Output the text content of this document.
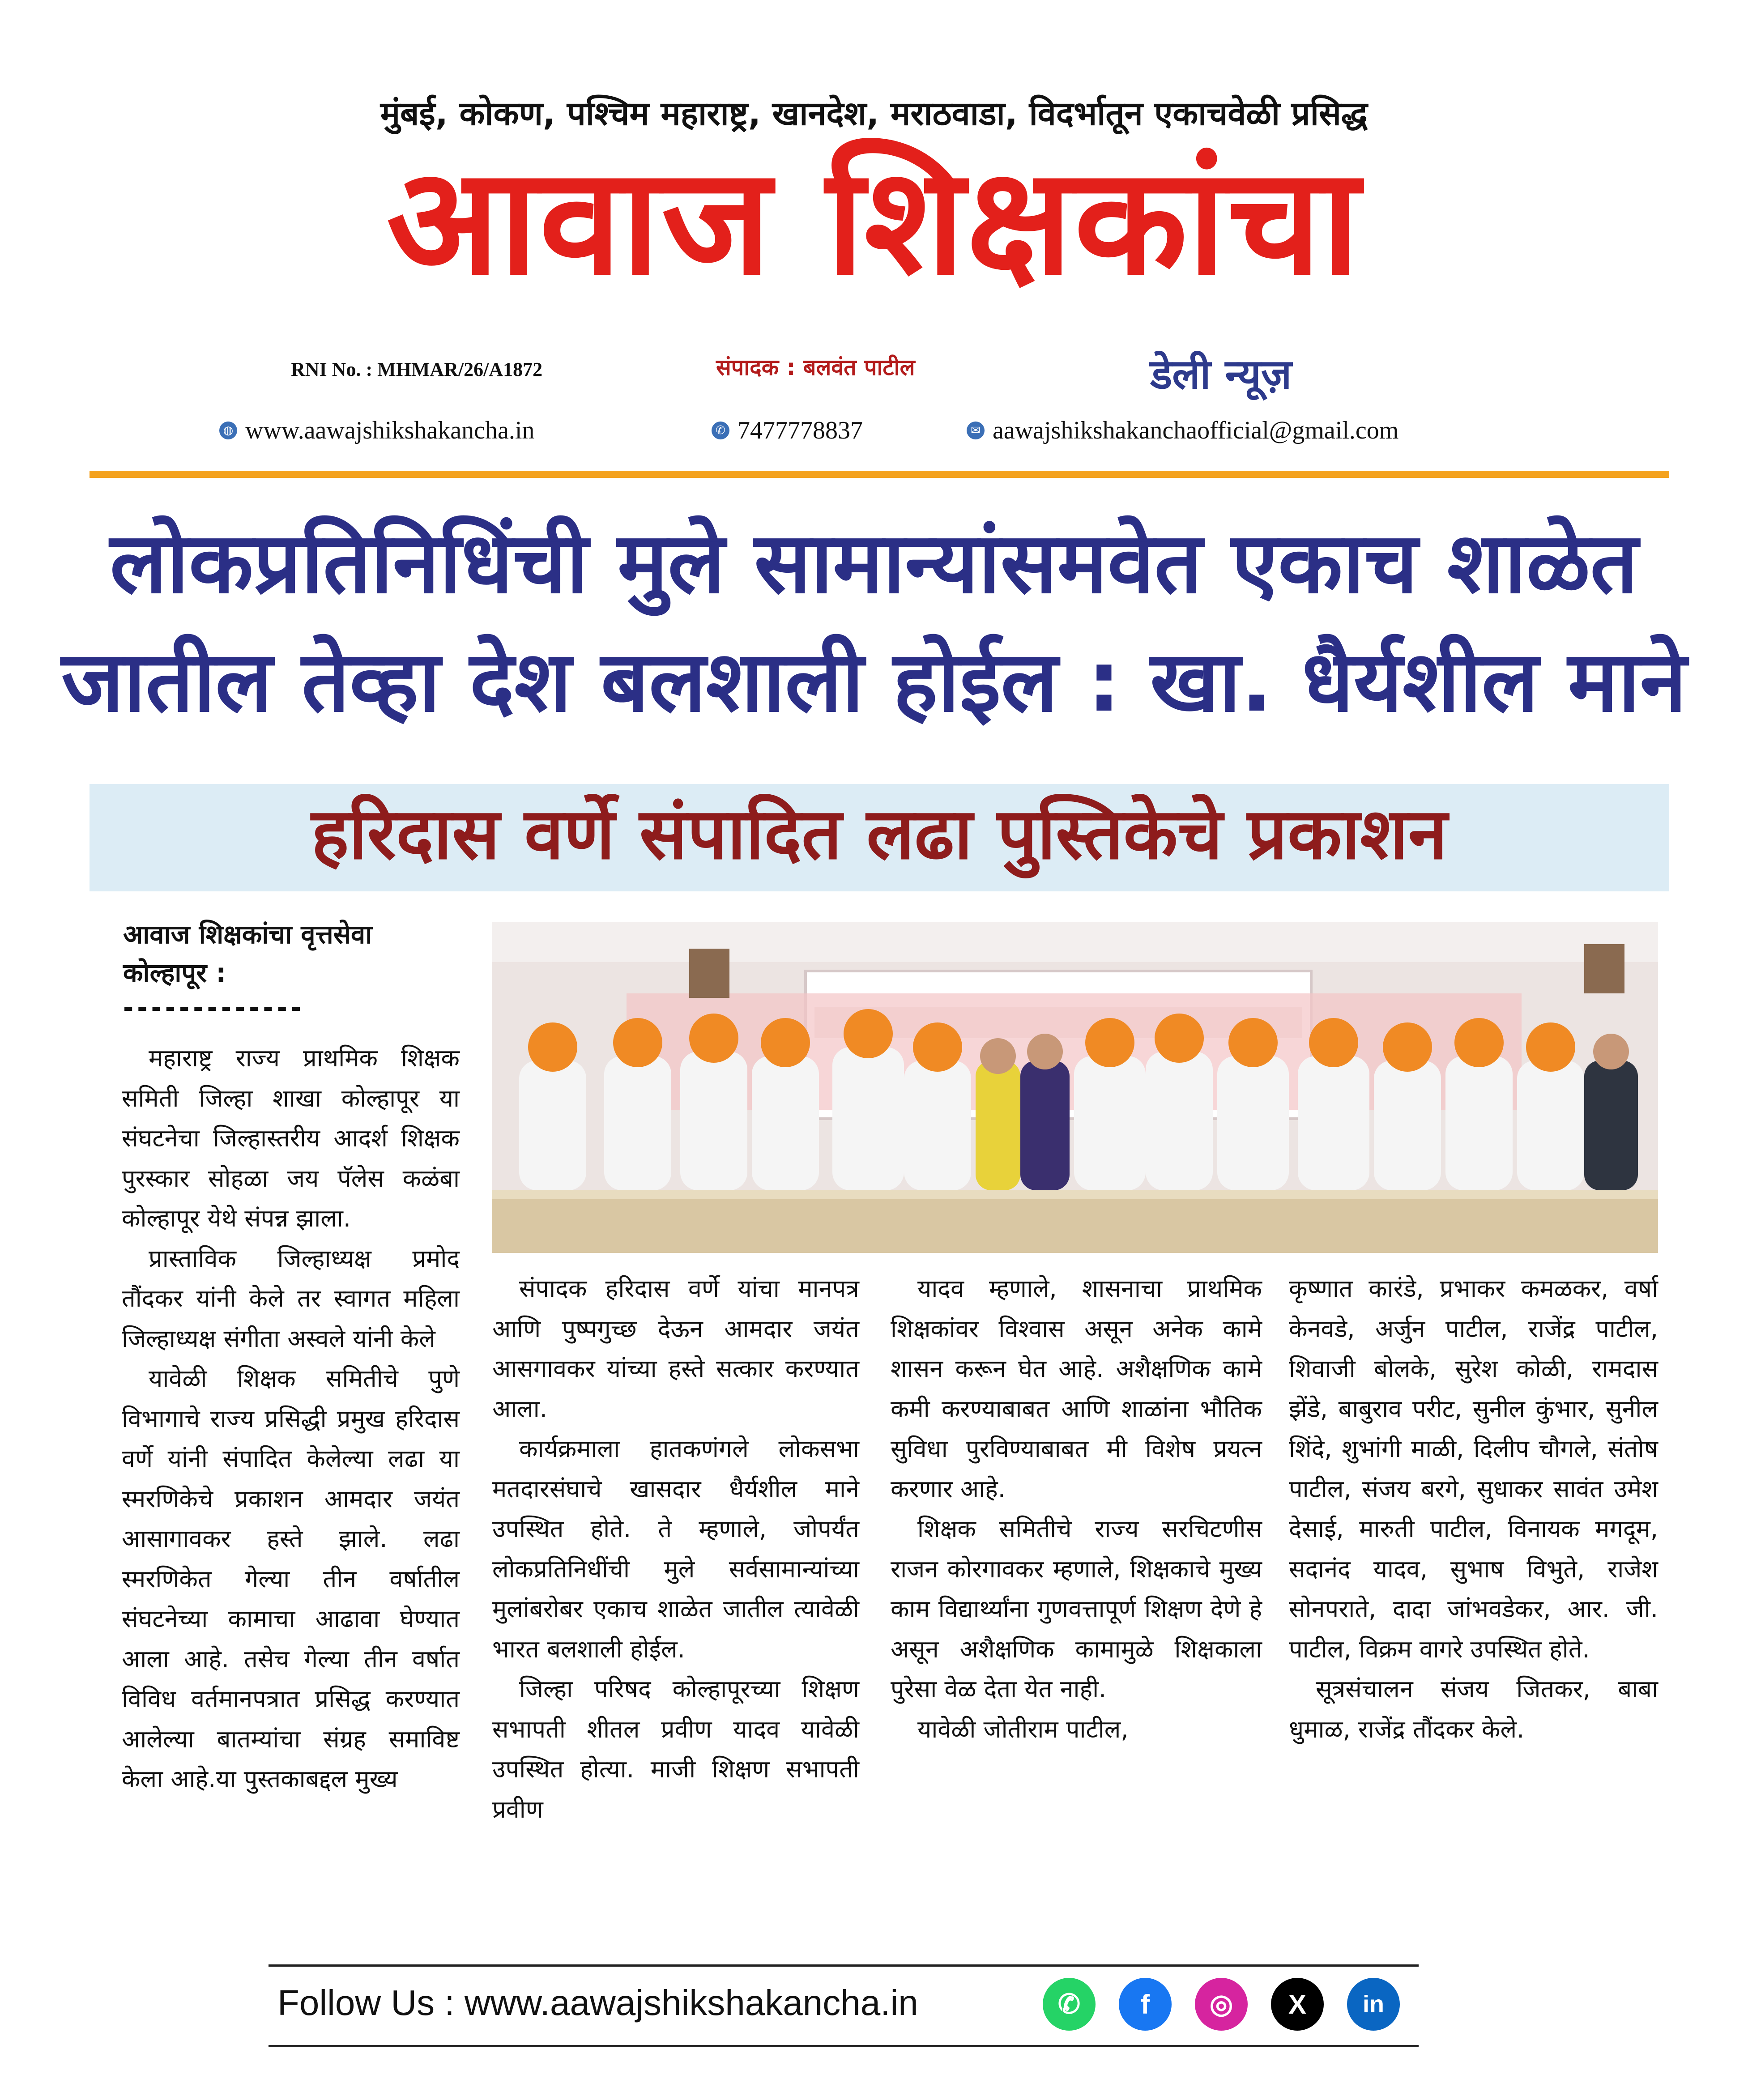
मुंबई, कोकण, पश्चिम महाराष्ट्र, खानदेश, मराठवाडा, विदर्भातून एकाचवेळी प्रसिद्ध
आवाज शिक्षकांचा
RNI No. : MHMAR/26/A1872	संपादक : बलवंत पाटील	डेली न्यूज़
◍ www.aawajshikshakancha.in	✆ 7477778837	✉ aawajshikshakanchaofficial@gmail.com
लोकप्रतिनिधिंची मुले सामान्यांसमवेत एकाच शाळेत
जातील तेव्हा देश बलशाली होईल : खा. धैर्यशील माने
हरिदास वर्णे संपादित लढा पुस्तिकेचे प्रकाशन
आवाज शिक्षकांचा वृत्तसेवा
कोल्हापूर :
-------------

महाराष्ट्र राज्य प्राथमिक शिक्षक समिती जिल्हा शाखा कोल्हापूर या संघटनेचा जिल्हास्तरीय आदर्श शिक्षक पुरस्कार सोहळा जय पॅलेस कळंबा कोल्हापूर येथे संपन्न झाला.

प्रास्ताविक जिल्हाध्यक्ष प्रमोद तौंदकर यांनी केले तर स्वागत महिला जिल्हाध्यक्ष संगीता अस्वले यांनी केले

यावेळी शिक्षक समितीचे पुणे विभागाचे राज्य प्रसिद्धी प्रमुख हरिदास वर्णे यांनी संपादित केलेल्या लढा या स्मरणिकेचे प्रकाशन आमदार जयंत आसागावकर हस्ते झाले. लढा स्मरणिकेत गेल्या तीन वर्षातील संघटनेच्या कामाचा आढावा घेण्यात आला आहे. तसेच गेल्या तीन वर्षात विविध वर्तमानपत्रात प्रसिद्ध करण्यात आलेल्या बातम्यांचा संग्रह समाविष्ट केला आहे.या पुस्तकाबद्दल मुख्य

संपादक हरिदास वर्णे यांचा मानपत्र आणि पुष्पगुच्छ देऊन आमदार जयंत आसगावकर यांच्या हस्ते सत्कार करण्यात आला.

कार्यक्रमाला हातकणंगले लोकसभा मतदारसंघाचे खासदार धैर्यशील माने उपस्थित होते. ते म्हणाले, जोपर्यंत लोकप्रतिनिधींची मुले सर्वसामान्यांच्या मुलांबरोबर एकाच शाळेत जातील त्यावेळी भारत बलशाली होईल.

जिल्हा परिषद कोल्हापूरच्या शिक्षण सभापती शीतल प्रवीण यादव यावेळी उपस्थित होत्या. माजी शिक्षण सभापती प्रवीण

यादव म्हणाले, शासनाचा प्राथमिक शिक्षकांवर विश्वास असून अनेक कामे शासन करून घेत आहे. अशैक्षणिक कामे कमी करण्याबाबत आणि शाळांना भौतिक सुविधा पुरविण्याबाबत मी विशेष प्रयत्न करणार आहे.

शिक्षक समितीचे राज्य सरचिटणीस राजन कोरगावकर म्हणाले, शिक्षकाचे मुख्य काम विद्यार्थ्यांना गुणवत्तापूर्ण शिक्षण देणे हे असून अशैक्षणिक कामामुळे शिक्षकाला पुरेसा वेळ देता येत नाही.

यावेळी जोतीराम पाटील,

कृष्णात कारंडे, प्रभाकर कमळकर, वर्षा केनवडे, अर्जुन पाटील, राजेंद्र पाटील, शिवाजी बोलके, सुरेश कोळी, रामदास झेंडे, बाबुराव परीट, सुनील कुंभार, सुनील शिंदे, शुभांगी माळी, दिलीप चौगले, संतोष पाटील, संजय बरगे, सुधाकर सावंत उमेश देसाई, मारुती पाटील, विनायक मगदूम, सदानंद यादव, सुभाष विभुते, राजेश सोनपराते, दादा जांभवडेकर, आर. जी. पाटील, विक्रम वागरे उपस्थित होते.

सूत्रसंचालन संजय जितकर, बाबा धुमाळ, राजेंद्र तौंदकर केले.

Follow Us : www.aawajshikshakancha.in	✆	f	◎	X	in
